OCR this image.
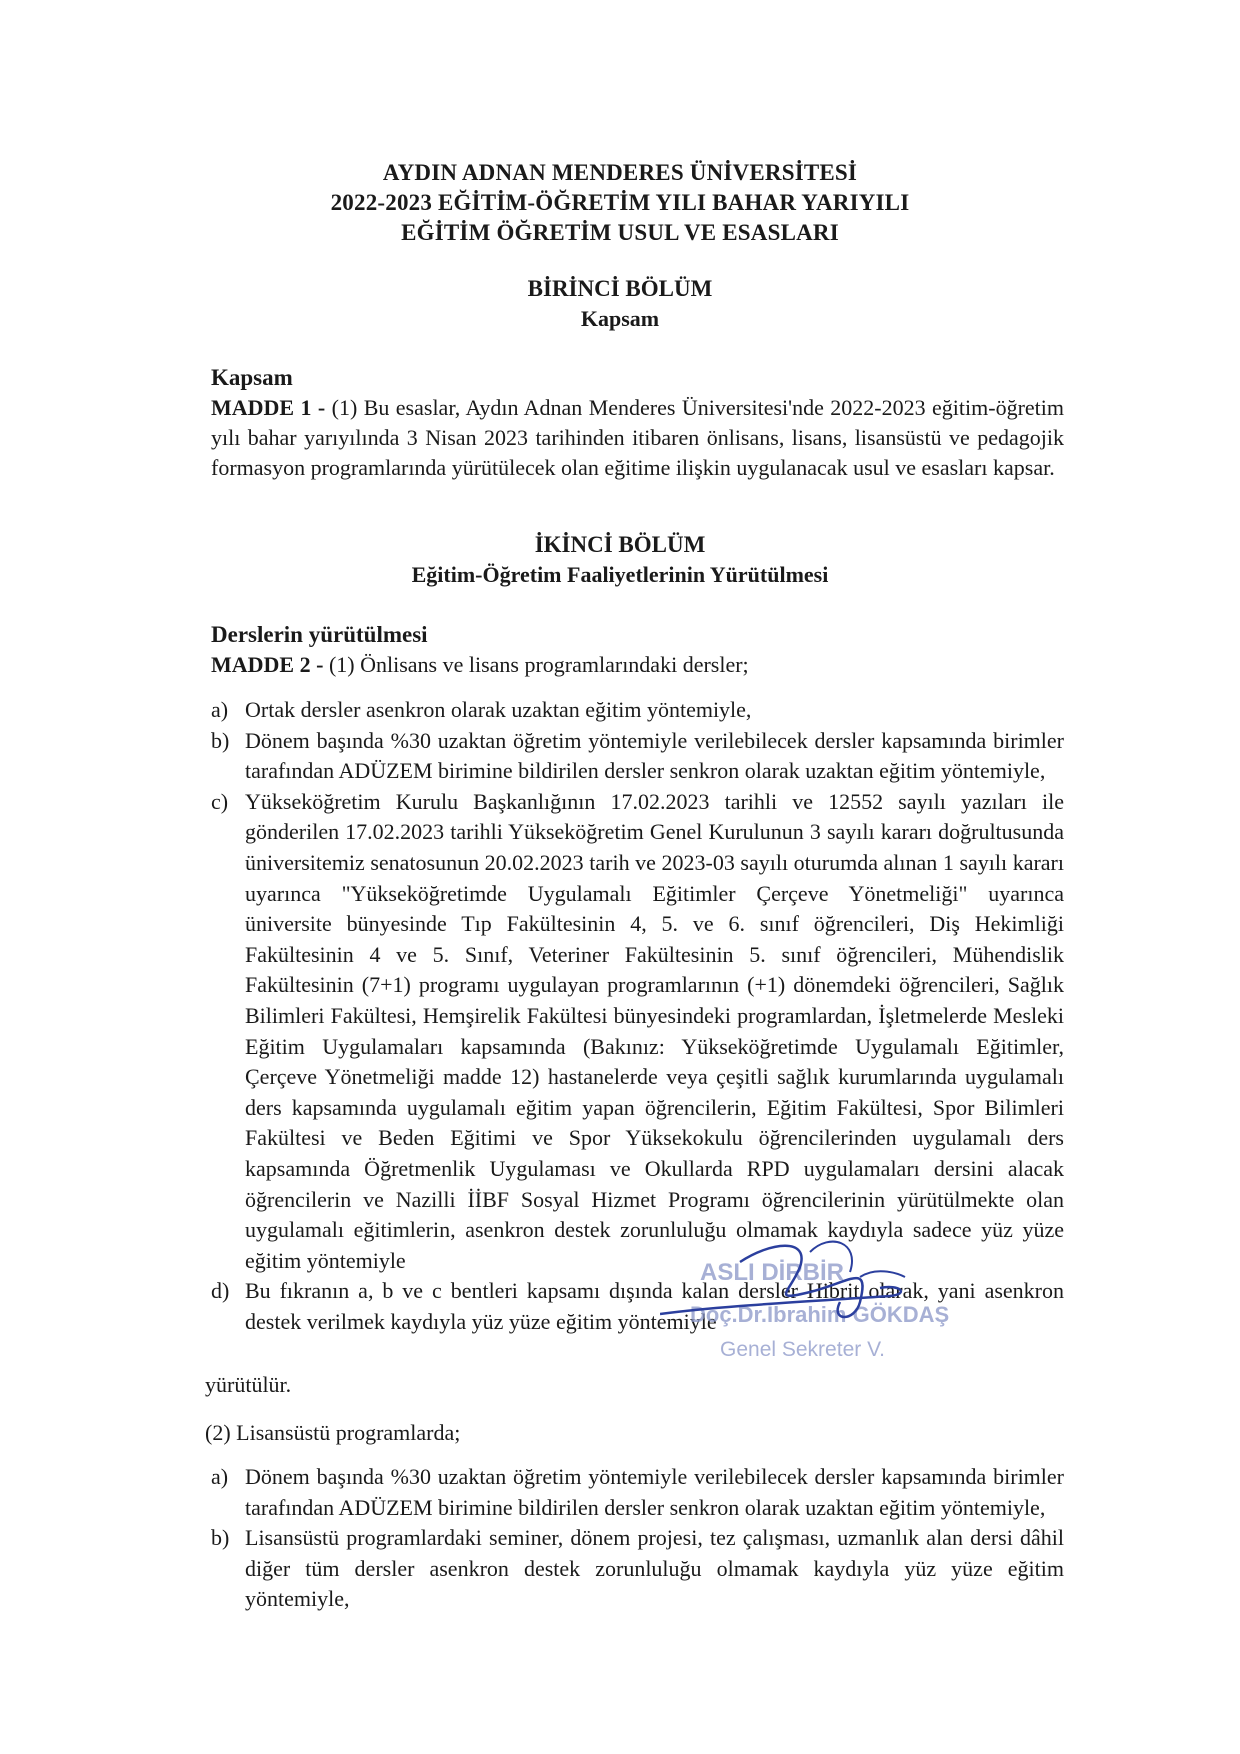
AYDIN ADNAN MENDERES ÜNİVERSİTESİ
2022-2023 EĞİTİM-ÖĞRETİM YILI BAHAR YARIYILI
EĞİTİM ÖĞRETİM USUL VE ESASLARI
BİRİNCİ BÖLÜM
Kapsam
Kapsam
MADDE 1 - (1) Bu esaslar, Aydın Adnan Menderes Üniversitesi'nde 2022-2023 eğitim-öğretim yılı bahar yarıyılında 3 Nisan 2023 tarihinden itibaren önlisans, lisans, lisansüstü ve pedagojik formasyon programlarında yürütülecek olan eğitime ilişkin uygulanacak usul ve esasları kapsar.
İKİNCİ BÖLÜM
Eğitim-Öğretim Faaliyetlerinin Yürütülmesi
Derslerin yürütülmesi
MADDE 2 - (1) Önlisans ve lisans programlarındaki dersler;
a) Ortak dersler asenkron olarak uzaktan eğitim yöntemiyle,
b) Dönem başında %30 uzaktan öğretim yöntemiyle verilebilecek dersler kapsamında birimler tarafından ADÜZEM birimine bildirilen dersler senkron olarak uzaktan eğitim yöntemiyle,
c) Yükseköğretim Kurulu Başkanlığının 17.02.2023 tarihli ve 12552 sayılı yazıları ile gönderilen 17.02.2023 tarihli Yükseköğretim Genel Kurulunun 3 sayılı kararı doğrultusunda üniversitemiz senatosunun 20.02.2023 tarih ve 2023-03 sayılı oturumda alınan 1 sayılı kararı uyarınca "Yükseköğretimde Uygulamalı Eğitimler Çerçeve Yönetmeliği" uyarınca üniversite bünyesinde Tıp Fakültesinin 4, 5. ve 6. sınıf öğrencileri, Diş Hekimliği Fakültesinin 4 ve 5. Sınıf, Veteriner Fakültesinin 5. sınıf öğrencileri, Mühendislik Fakültesinin (7+1) programı uygulayan programlarının (+1) dönemdeki öğrencileri, Sağlık Bilimleri Fakültesi, Hemşirelik Fakültesi bünyesindeki programlardan, İşletmelerde Mesleki Eğitim Uygulamaları kapsamında (Bakınız: Yükseköğretimde Uygulamalı Eğitimler, Çerçeve Yönetmeliği madde 12) hastanelerde veya çeşitli sağlık kurumlarında uygulamalı ders kapsamında uygulamalı eğitim yapan öğrencilerin, Eğitim Fakültesi, Spor Bilimleri Fakültesi ve Beden Eğitimi ve Spor Yüksekokulu öğrencilerinden uygulamalı ders kapsamında Öğretmenlik Uygulaması ve Okullarda RPD uygulamaları dersini alacak öğrencilerin ve Nazilli İİBF Sosyal Hizmet Programı öğrencilerinin yürütülmekte olan uygulamalı eğitimlerin, asenkron destek zorunluluğu olmamak kaydıyla sadece yüz yüze eğitim yöntemiyle
d) Bu fıkranın a, b ve c bentleri kapsamı dışında kalan dersler Hibrit olarak, yani asenkron destek verilmek kaydıyla yüz yüze eğitim yöntemiyle
yürütülür.
(2) Lisansüstü programlarda;
a) Dönem başında %30 uzaktan öğretim yöntemiyle verilebilecek dersler kapsamında birimler tarafından ADÜZEM birimine bildirilen dersler senkron olarak uzaktan eğitim yöntemiyle,
b) Lisansüstü programlardaki seminer, dönem projesi, tez çalışması, uzmanlık alan dersi dâhil diğer tüm dersler asenkron destek zorunluluğu olmamak kaydıyla yüz yüze eğitim yöntemiyle,
ASLI DİRBİR
Doç.Dr.İbrahim GÖKDAŞ
Genel Sekreter V.
